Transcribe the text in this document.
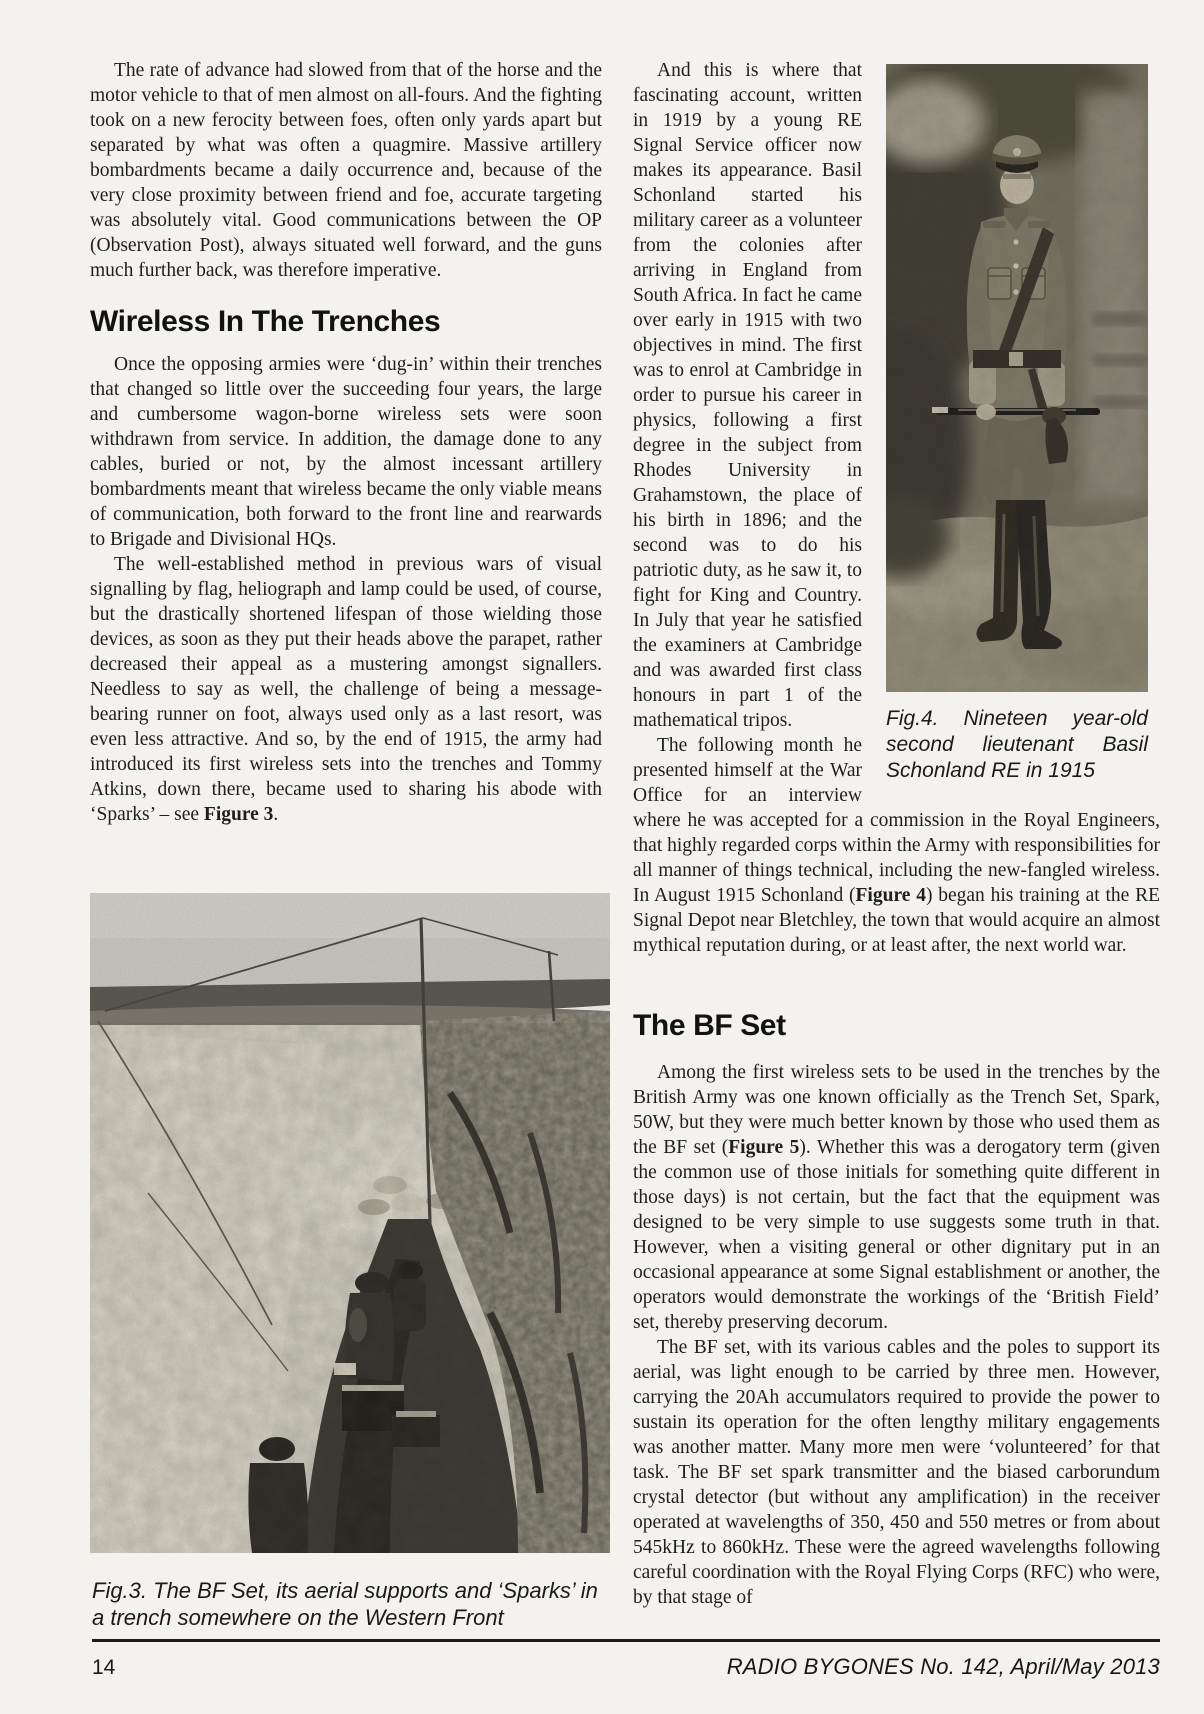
The rate of advance had slowed from that of the horse and the motor vehicle to that of men almost on all-fours. And the fighting took on a new ferocity between foes, often only yards apart but separated by what was often a quagmire. Massive artillery bombardments became a daily occurrence and, because of the very close proximity between friend and foe, accurate targeting was absolutely vital. Good communications between the OP (Observation Post), always situated well forward, and the guns much further back, was therefore imperative.

Wireless In The Trenches

Once the opposing armies were ‘dug-in’ within their trenches that changed so little over the succeeding four years, the large and cumbersome wagon-borne wireless sets were soon withdrawn from service. In addition, the damage done to any cables, buried or not, by the almost incessant artillery bombardments meant that wireless became the only viable means of communication, both forward to the front line and rearwards to Brigade and Divisional HQs.

The well-established method in previous wars of visual signalling by flag, heliograph and lamp could be used, of course, but the drastically shortened lifespan of those wielding those devices, as soon as they put their heads above the parapet, rather decreased their appeal as a mustering amongst signallers. Needless to say as well, the challenge of being a message-bearing runner on foot, always used only as a last resort, was even less attractive. And so, by the end of 1915, the army had introduced its first wireless sets into the trenches and Tommy Atkins, down there, became used to sharing his abode with ‘Sparks’ – see Figure 3.

Fig.3. The BF Set, its aerial supports and ‘Sparks’ in a trench somewhere on the Western Front
Fig.4. Nineteen year-old second lieutenant Basil Schonland RE in 1915

And this is where that fascinating account, written in 1919 by a young RE Signal Service officer now makes its appearance. Basil Schonland started his military career as a volunteer from the colonies after arriving in England from South Africa. In fact he came over early in 1915 with two objectives in mind. The first was to enrol at Cambridge in order to pursue his career in physics, following a first degree in the subject from Rhodes University in Grahamstown, the place of his birth in 1896; and the second was to do his patriotic duty, as he saw it, to fight for King and Country. In July that year he satisfied the examiners at Cambridge and was awarded first class honours in part 1 of the mathematical tripos.

The following month he presented himself at the War Office for an interview where he was accepted for a commission in the Royal Engineers, that highly regarded corps within the Army with responsibilities for all manner of things technical, including the new-fangled wireless. In August 1915 Schonland (Figure 4) began his training at the RE Signal Depot near Bletchley, the town that would acquire an almost mythical reputation during, or at least after, the next world war.

The BF Set

Among the first wireless sets to be used in the trenches by the British Army was one known officially as the Trench Set, Spark, 50W, but they were much better known by those who used them as the BF set (Figure 5). Whether this was a derogatory term (given the common use of those initials for something quite different in those days) is not certain, but the fact that the equipment was designed to be very simple to use suggests some truth in that. However, when a visiting general or other dignitary put in an occasional appearance at some Signal establishment or another, the operators would demonstrate the workings of the ‘British Field’ set, thereby preserving decorum.

The BF set, with its various cables and the poles to support its aerial, was light enough to be carried by three men. However, carrying the 20Ah accumulators required to provide the power to sustain its operation for the often lengthy military engagements was another matter. Many more men were ‘volunteered’ for that task. The BF set spark transmitter and the biased carborundum crystal detector (but without any amplification) in the receiver operated at wavelengths of 350, 450 and 550 metres or from about 545kHz to 860kHz. These were the agreed wavelengths following careful coordination with the Royal Flying Corps (RFC) who were, by that stage of

14	RADIO BYGONES No. 142, April/May 2013
